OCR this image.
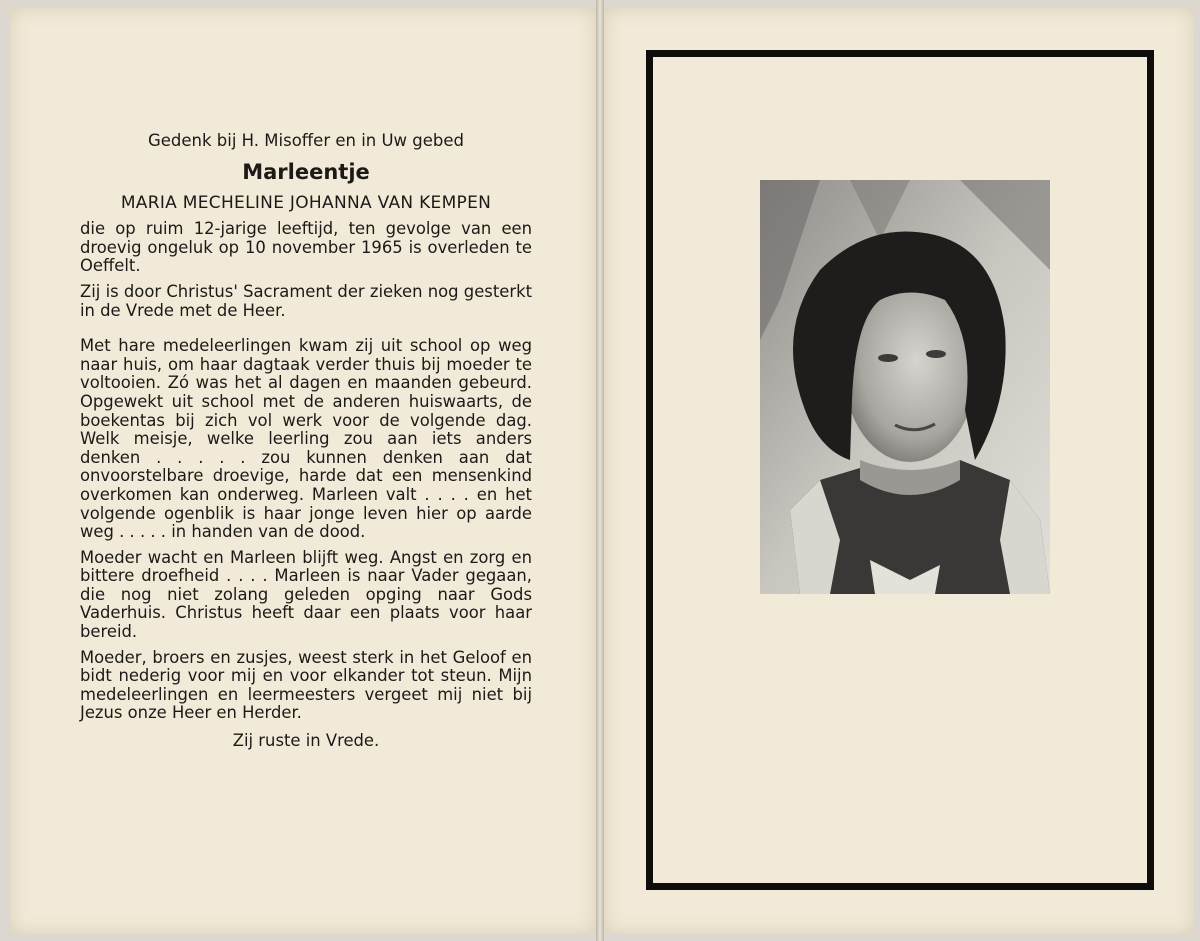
Gedenk bij H. Misoffer en in Uw gebed

Marleentje

MARIA MECHELINE JOHANNA VAN KEMPEN

die op ruim 12-jarige leeftijd, ten gevolge van een droevig ongeluk op 10 november 1965 is overleden te Oeffelt.

Zij is door Christus' Sacrament der zieken nog gesterkt in de Vrede met de Heer.

Met hare medeleerlingen kwam zij uit school op weg naar huis, om haar dagtaak verder thuis bij moeder te voltooien. Zó was het al dagen en maanden gebeurd. Opgewekt uit school met de anderen huiswaarts, de boekentas bij zich vol werk voor de volgende dag. Welk meisje, welke leerling zou aan iets anders denken . . . . . zou kunnen denken aan dat onvoorstelbare droevige, harde dat een mensenkind overkomen kan onderweg. Marleen valt . . . . en het volgende ogenblik is haar jonge leven hier op aarde weg . . . . . in handen van de dood.

Moeder wacht en Marleen blijft weg. Angst en zorg en bittere droefheid . . . . Marleen is naar Vader gegaan, die nog niet zolang geleden opging naar Gods Vaderhuis. Christus heeft daar een plaats voor haar bereid.

Moeder, broers en zusjes, weest sterk in het Geloof en bidt nederig voor mij en voor elkander tot steun. Mijn medeleerlingen en leermeesters vergeet mij niet bij Jezus onze Heer en Herder.

Zij ruste in Vrede.
